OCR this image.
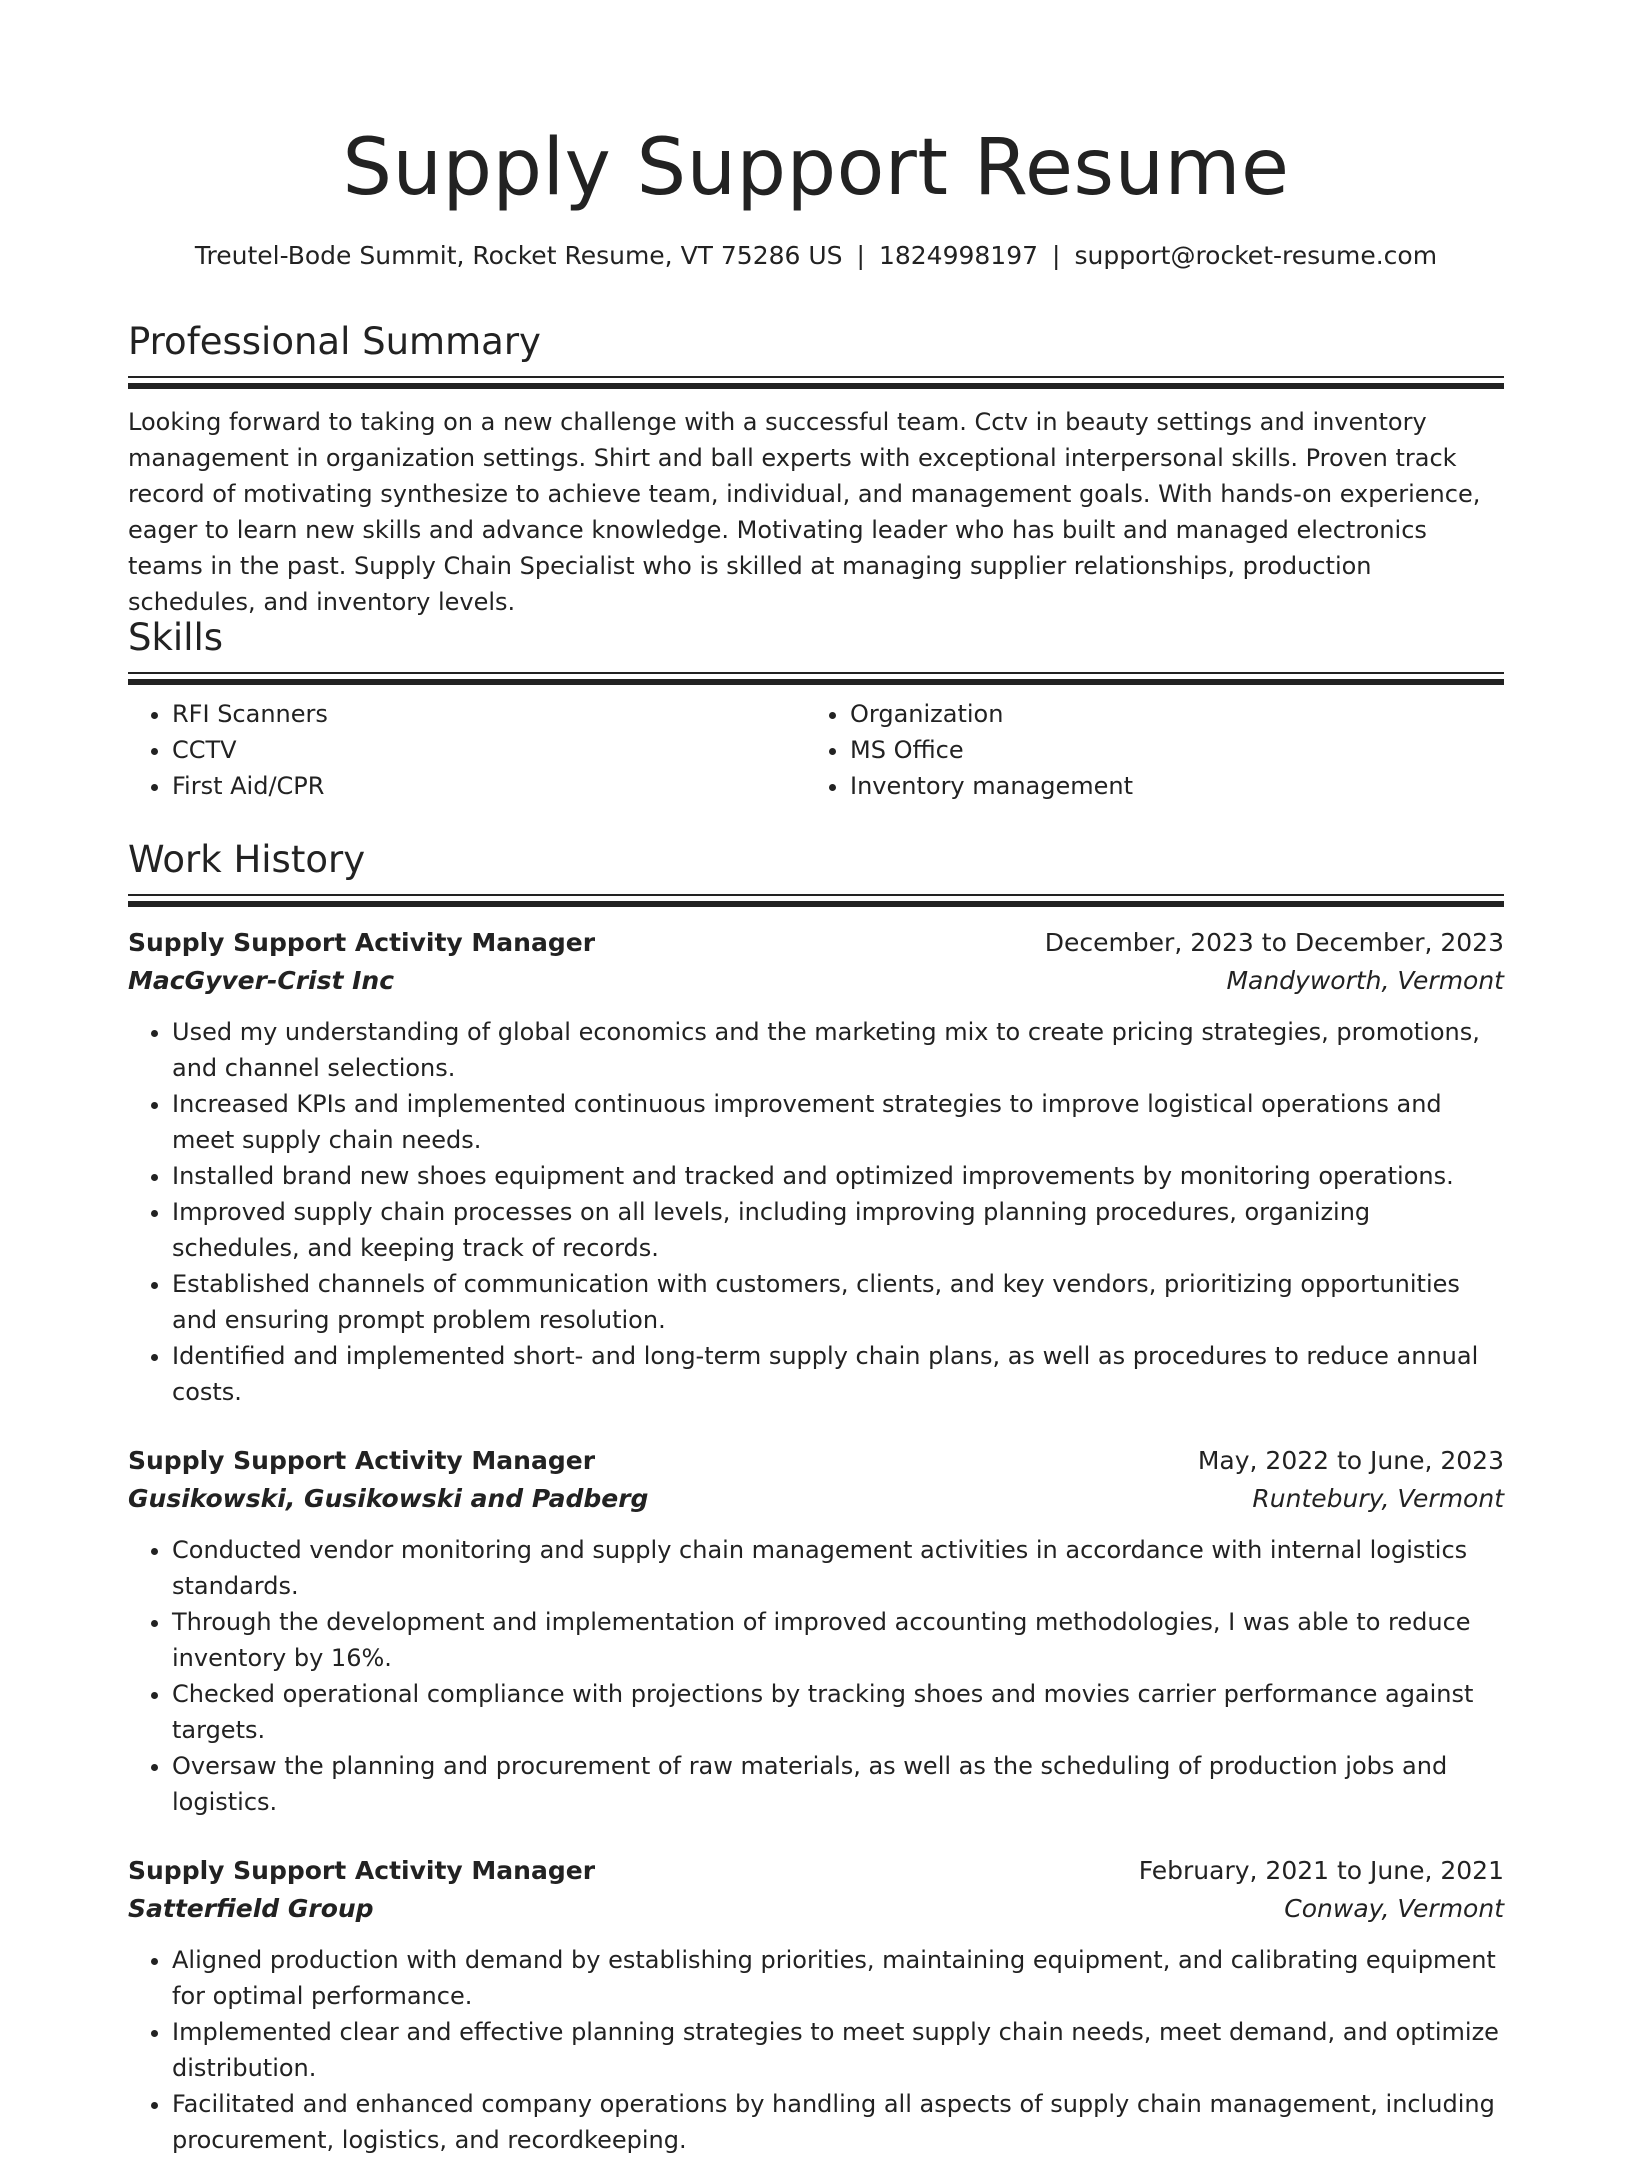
Supply Support Resume
Treutel-Bode Summit, Rocket Resume, VT 75286 US | 1824998197 | support@rocket-resume.com
Professional Summary

Looking forward to taking on a new challenge with a successful team. Cctv in beauty settings and inventory management in organization settings. Shirt and ball experts with exceptional interpersonal skills. Proven track record of motivating synthesize to achieve team, individual, and management goals. With hands-on experience, eager to learn new skills and advance knowledge. Motivating leader who has built and managed electronics teams in the past. Supply Chain Specialist who is skilled at managing supplier relationships, production schedules, and inventory levels.

Skills
• RFI Scanners
• CCTV
• First Aid/CPR
• Organization
• MS Office
• Inventory management
Work History
Supply Support Activity Manager	December, 2023 to December, 2023
MacGyver-Crist Inc	Mandyworth, Vermont
• Used my understanding of global economics and the marketing mix to create pricing strategies, promotions, and channel selections.
• Increased KPIs and implemented continuous improvement strategies to improve logistical operations and meet supply chain needs.
• Installed brand new shoes equipment and tracked and optimized improvements by monitoring operations.
• Improved supply chain processes on all levels, including improving planning procedures, organizing schedules, and keeping track of records.
• Established channels of communication with customers, clients, and key vendors, prioritizing opportunities and ensuring prompt problem resolution.
• Identified and implemented short- and long-term supply chain plans, as well as procedures to reduce annual costs.
Supply Support Activity Manager	May, 2022 to June, 2023
Gusikowski, Gusikowski and Padberg	Runtebury, Vermont
• Conducted vendor monitoring and supply chain management activities in accordance with internal logistics standards.
• Through the development and implementation of improved accounting methodologies, I was able to reduce inventory by 16%.
• Checked operational compliance with projections by tracking shoes and movies carrier performance against targets.
• Oversaw the planning and procurement of raw materials, as well as the scheduling of production jobs and logistics.
Supply Support Activity Manager	February, 2021 to June, 2021
Satterfield Group	Conway, Vermont
• Aligned production with demand by establishing priorities, maintaining equipment, and calibrating equipment for optimal performance.
• Implemented clear and effective planning strategies to meet supply chain needs, meet demand, and optimize distribution.
• Facilitated and enhanced company operations by handling all aspects of supply chain management, including procurement, logistics, and recordkeeping.
